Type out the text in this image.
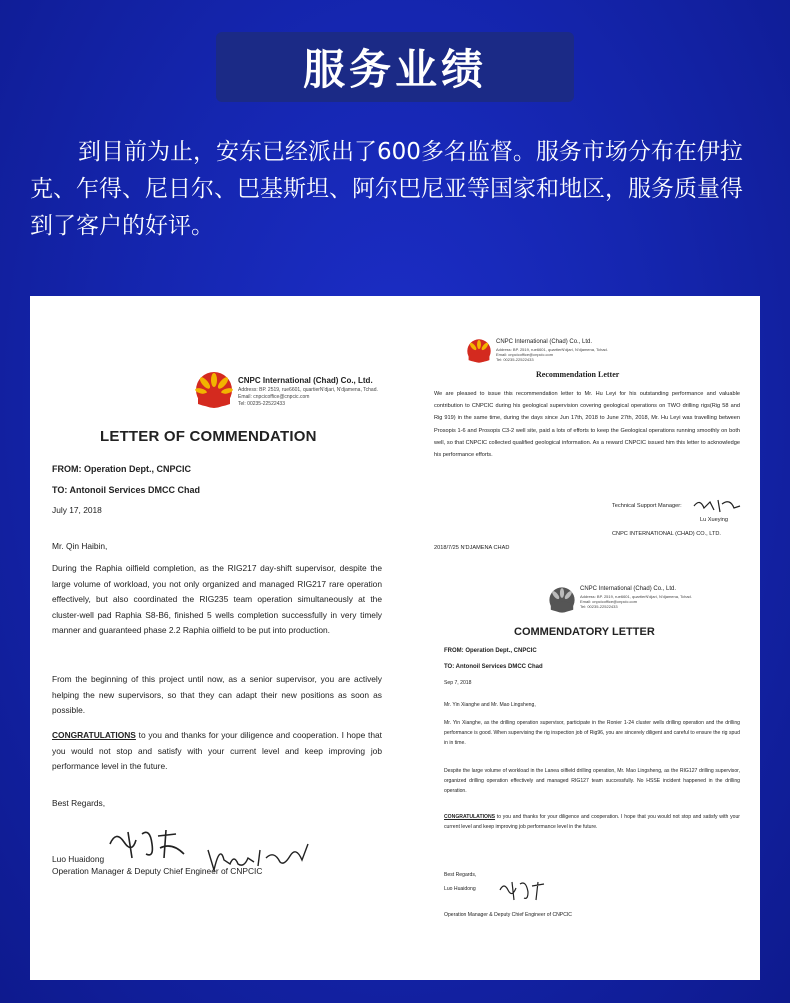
服务业绩

到目前为止，安东已经派出了600多名监督。服务市场分布在伊拉克、乍得、尼日尔、巴基斯坦、阿尔巴尼亚等国家和地区，服务质量得到了客户的好评。

CNPC International (Chad) Co., Ltd.
Address: BP. 2519, rue6601, quartierN'djari, N'djamena, Tchad.
Email: cnpcicoffice@cnpcic.com
Tel: 00235-22522433
LETTER OF COMMENDATION
FROM: Operation Dept., CNPCIC
TO: Antonoil Services DMCC Chad
July 17, 2018
Mr. Qin Haibin,
During the Raphia oilfield completion, as the RIG217 day-shift supervisor, despite the large volume of workload, you not only organized and managed RIG217 rare operation effectively, but also coordinated the RIG235 team operation simultaneously at the cluster-well pad Raphia S8-B6, finished 5 wells completion successfully in very timely manner and guaranteed phase 2.2 Raphia oilfield to be put into production.
From the beginning of this project until now, as a senior supervisor, you are actively helping the new supervisors, so that they can adapt their new positions as soon as possible.
CONGRATULATIONS to you and thanks for your diligence and cooperation. I hope that you would not stop and satisfy with your current level and keep improving job performance level in the future.
Best Regards,
Luo Huaidong
Operation Manager & Deputy Chief Engineer of CNPCIC
CNPC International (Chad) Co., Ltd.
Address: BP. 2519, rue6601, quartierN'djari, N'djamena, Tchad.
Email: cnpcicoffice@cnpcic.com
Tel: 00235-22522433
Recommendation Letter
We are pleased to issue this recommendation letter to Mr. Hu Leyi for his outstanding performance and valuable contribution to CNPCIC during his geological supervision covering geological operations on TWO drilling rigs(Rig 58 and Rig 919) in the same time, during the days since Jun 17th, 2018 to June 27th, 2018, Mr. Hu Leyi was travelling between Prosopis 1-6 and Prosopis C3-2 well site, paid a lots of efforts to keep the Geological operations running smoothly on both well, so that CNPCIC collected qualified geological information. As a reward CNPCIC issued him this letter to acknowledge his performance efforts.
Technical Support Manager:
Lu Xueying
CNPC INTERNATIONAL (CHAD) CO., LTD.
2018/7/25 N'DJAMENA CHAD
CNPC International (Chad) Co., Ltd.
Address: BP. 2519, rue6601, quartierN'djari, N'djamena, Tchad.
Email: cnpcicoffice@cnpcic.com
Tel: 00235-22522433
COMMENDATORY LETTER
FROM: Operation Dept., CNPCIC
TO: Antonoil Services DMCC Chad
Sep 7, 2018
Mr. Yin Xianghe and Mr. Mao Lingsheng,
Mr. Yin Xianghe, as the drilling operation supervisor, participate in the Ronier 1-24 cluster wells drilling operation and the drilling performance is good. When supervising the rig inspection job of Rig96, you are sincerely diligent and careful to ensure the rig spud in in time.
Despite the large volume of workload in the Lanea oilfield drilling operation, Mr. Mao Lingsheng, as the RIG127 drilling supervisor, organized drilling operation effectively and managed RIG127 team successfully. No HSSE incident happened in the drilling operation.
CONGRATULATIONS to you and thanks for your diligence and cooperation. I hope that you would not stop and satisfy with your current level and keep improving job performance level in the future.
Best Regards,
Luo Huaidong
Operation Manager & Deputy Chief Engineer of CNPCIC
